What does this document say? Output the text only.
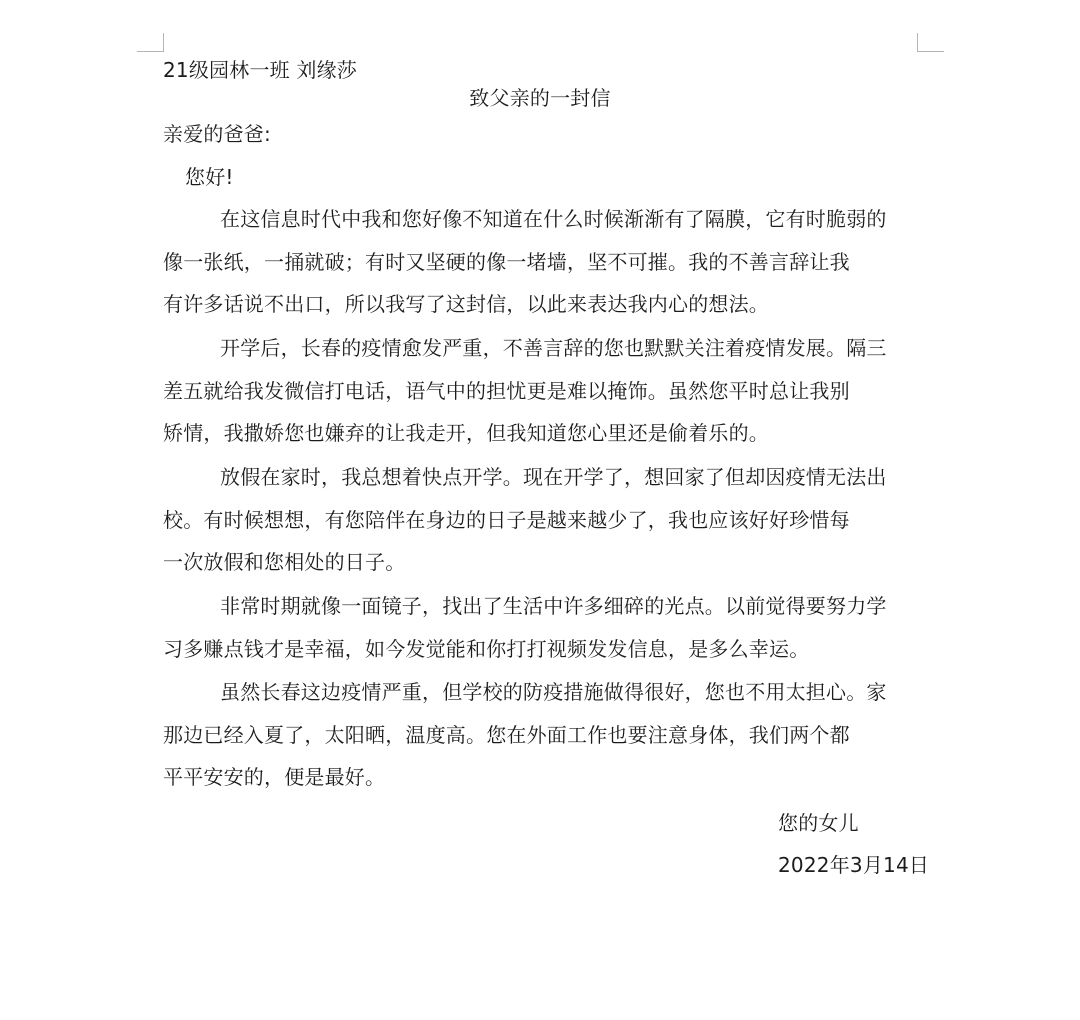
21级园林一班 刘缘莎
致父亲的一封信
亲爱的爸爸:
您好!
在这信息时代中我和您好像不知道在什么时候渐渐有了隔膜，它有时脆弱的
像一张纸，一捅就破；有时又坚硬的像一堵墙，坚不可摧。我的不善言辞让我
有许多话说不出口，所以我写了这封信，以此来表达我内心的想法。
开学后，长春的疫情愈发严重，不善言辞的您也默默关注着疫情发展。隔三
差五就给我发微信打电话，语气中的担忧更是难以掩饰。虽然您平时总让我别
矫情，我撒娇您也嫌弃的让我走开，但我知道您心里还是偷着乐的。
放假在家时，我总想着快点开学。现在开学了，想回家了但却因疫情无法出
校。有时候想想，有您陪伴在身边的日子是越来越少了，我也应该好好珍惜每
一次放假和您相处的日子。
非常时期就像一面镜子，找出了生活中许多细碎的光点。以前觉得要努力学
习多赚点钱才是幸福，如今发觉能和你打打视频发发信息，是多么幸运。
虽然长春这边疫情严重，但学校的防疫措施做得很好，您也不用太担心。家
那边已经入夏了，太阳晒，温度高。您在外面工作也要注意身体，我们两个都
平平安安的，便是最好。
您的女儿
2022年3月14日
